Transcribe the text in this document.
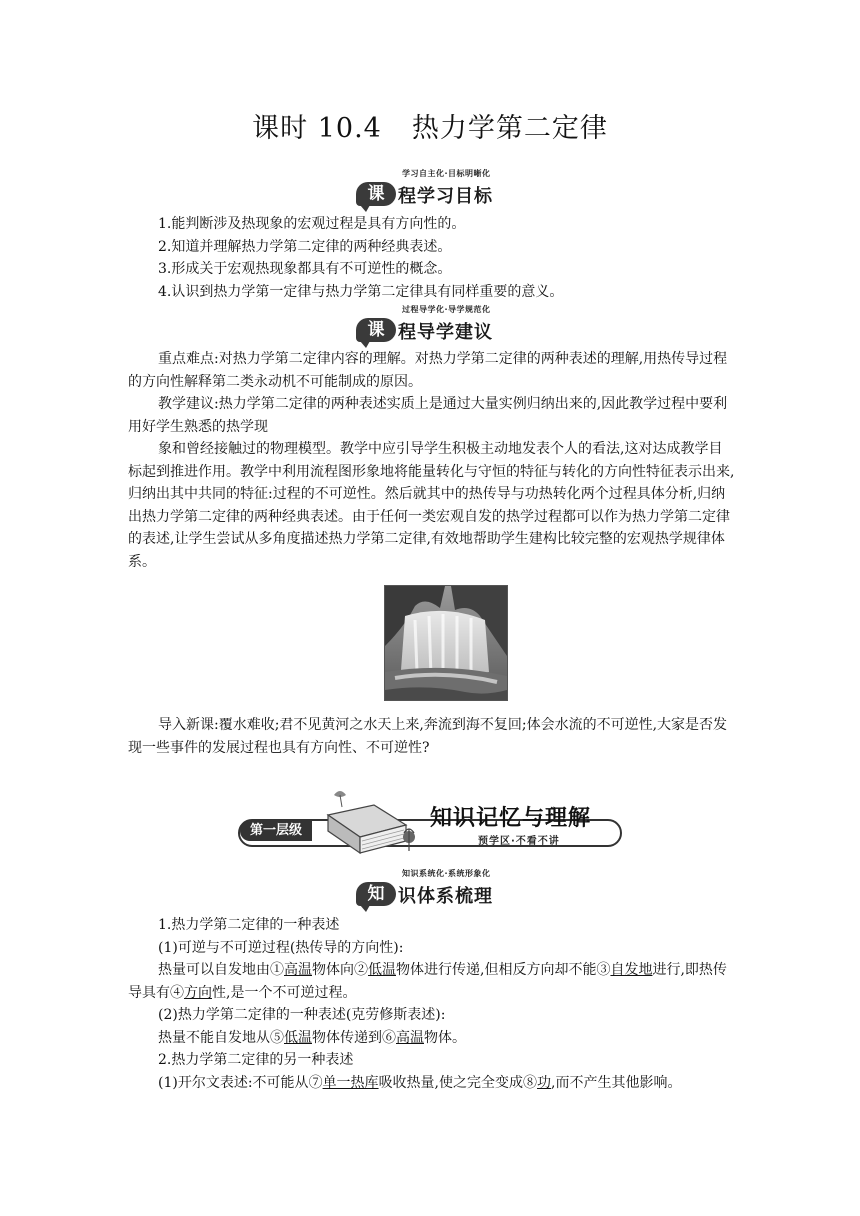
课时 10.4 热力学第二定律
学习自主化·目标明晰化
课 程学习目标

1.能判断涉及热现象的宏观过程是具有方向性的。

2.知道并理解热力学第二定律的两种经典表述。

3.形成关于宏观热现象都具有不可逆性的概念。

4.认识到热力学第一定律与热力学第二定律具有同样重要的意义。

过程导学化·导学规范化
课 程导学建议

重点难点:对热力学第二定律内容的理解。对热力学第二定律的两种表述的理解,用热传导过程的方向性解释第二类永动机不可能制成的原因。

教学建议:热力学第二定律的两种表述实质上是通过大量实例归纳出来的,因此教学过程中要利用好学生熟悉的热学现

象和曾经接触过的物理模型。教学中应引导学生积极主动地发表个人的看法,这对达成教学目标起到推进作用。教学中利用流程图形象地将能量转化与守恒的特征与转化的方向性特征表示出来,归纳出其中共同的特征:过程的不可逆性。然后就其中的热传导与功热转化两个过程具体分析,归纳出热力学第二定律的两种经典表述。由于任何一类宏观自发的热学过程都可以作为热力学第二定律的表述,让学生尝试从多角度描述热力学第二定律,有效地帮助学生建构比较完整的宏观热学规律体系。

导入新课:覆水难收;君不见黄河之水天上来,奔流到海不复回;体会水流的不可逆性,大家是否发现一些事件的发展过程也具有方向性、不可逆性?

第一层级	知识记忆与理解
预学区·不看不讲
知识系统化·系统形象化
知 识体系梳理

1.热力学第二定律的一种表述

(1)可逆与不可逆过程(热传导的方向性):

热量可以自发地由①高温物体向②低温物体进行传递,但相反方向却不能③自发地进行,即热传导具有④方向性,是一个不可逆过程。

(2)热力学第二定律的一种表述(克劳修斯表述):

热量不能自发地从⑤低温物体传递到⑥高温物体。

2.热力学第二定律的另一种表述

(1)开尔文表述:不可能从⑦单一热库吸收热量,使之完全变成⑧功,而不产生其他影响。
